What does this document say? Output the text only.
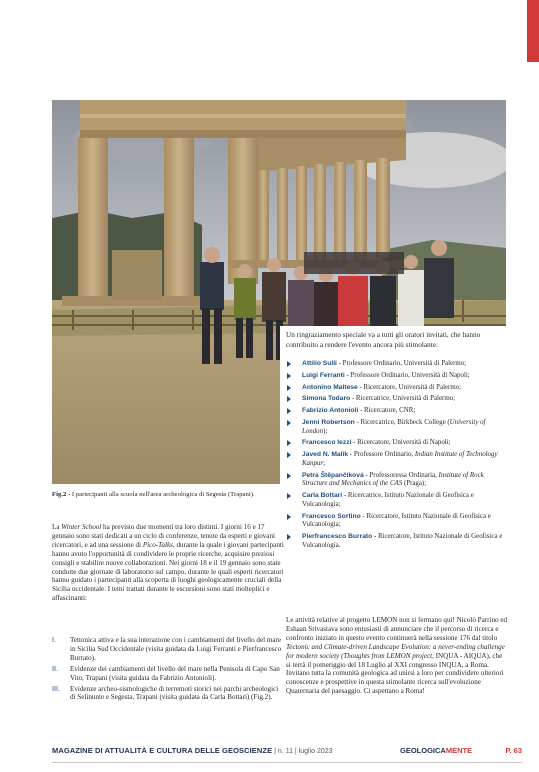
Un ringraziamento speciale va a tutti gli oratori invitati, che hanno contribuito a rendere l'evento ancora più stimolante:
Attilio Sulli - Professore Ordinario, Università di Palermo;
Luigi Ferranti - Professore Ordinario, Università di Napoli;
Antonino Maltese - Ricercatore, Università di Palermo;
Simona Todaro - Ricercatrice, Università di Palermo;
Fabrizio Antonioli - Ricercatore, CNR;
Jenni Robertson - Ricercatrice, Birkbeck College (University of London);
Francesco Iezzi - Ricercatore, Università di Napoli;
Javed N. Malik - Professore Ordinario, Indian Institute of Technology Kanpur;
Petra Štěpančíková - Professoressa Ordinaria, Institute of Rock Structure and Mechanics of the CAS (Praga);
Carla Bottari - Ricercatrice, Istituto Nazionale di Geofisica e Vulcanologia;
Francesco Sortino - Ricercatore, Istituto Nazionale di Geofisica e Vulcanologia;
Pierfrancesco Burrato - Ricercatore, Istituto Nazionale di Geofisica e Vulcanologia.
Fig.2 - I partecipanti alla scuola nell'area archeologica di Segesta (Trapani).
La Winter School ha previsto due momenti tra loro distinti. I giorni 16 e 17 gennaio sono stati dedicati a un ciclo di conferenze, tenute da esperti e giovani ricercatori, e ad una sessione di Pico-Talks, durante la quale i giovani partecipanti hanno avuto l'opportunità di condividere le proprie ricerche, acquisire preziosi consigli e stabilire nuove collaborazioni. Nei giorni 18 e il 19 gennaio sono state condotte due giornate di laboratorio sul campo, durante le quali esperti ricercatori hanno guidato i partecipanti alla scoperta di luoghi geologicamente cruciali della Sicilia occidentale. I temi trattati durante le escursioni sono stati molteplici e affascinanti:
I. Tettonica attiva e la sua interazione con i cambiamenti del livello del mare in Sicilia Sud Occidentale (visita guidata da Luigi Ferranti e Pierfrancesco Burrato).
II. Evidenze dei cambiamenti del livello del mare nella Penisola di Capo San Vito, Trapani (visita guidata da Fabrizio Antonioli).
III. Evidenze archeo-sismologiche di terremoti storici nei parchi archeologici di Selinunte e Segesta, Trapani (visita guidata da Carla Bottari) (Fig.2).
Le attività relative al progetto LEMON non si fermano qui! Nicolò Parrino ed Eshaan Srivastava sono entusiasti di annunciare che il percorso di ricerca e confronto iniziato in questo evento continuerà nella sessione 176 dal titolo Tectonic and Climate-driven Landscape Evolution: a never-ending challenge for modern society (Thoughts from LEMON project, INQUA - AIQUA), che si terrà il pomeriggio del 18 Luglio al XXI congresso INQUA, a Roma. Invitano tutta la comunità geologica ad unirsi a loro per condividere ulteriori conoscenze e prospettive in questa stimolante ricerca sull'evoluzione Quaternaria del paesaggio. Ci aspettano a Roma!
MAGAZINE DI ATTUALITÀ E CULTURA DELLE GEOSCIENZE | n. 11 | luglio 2023	GEOLOGICAMENTE	P. 63
